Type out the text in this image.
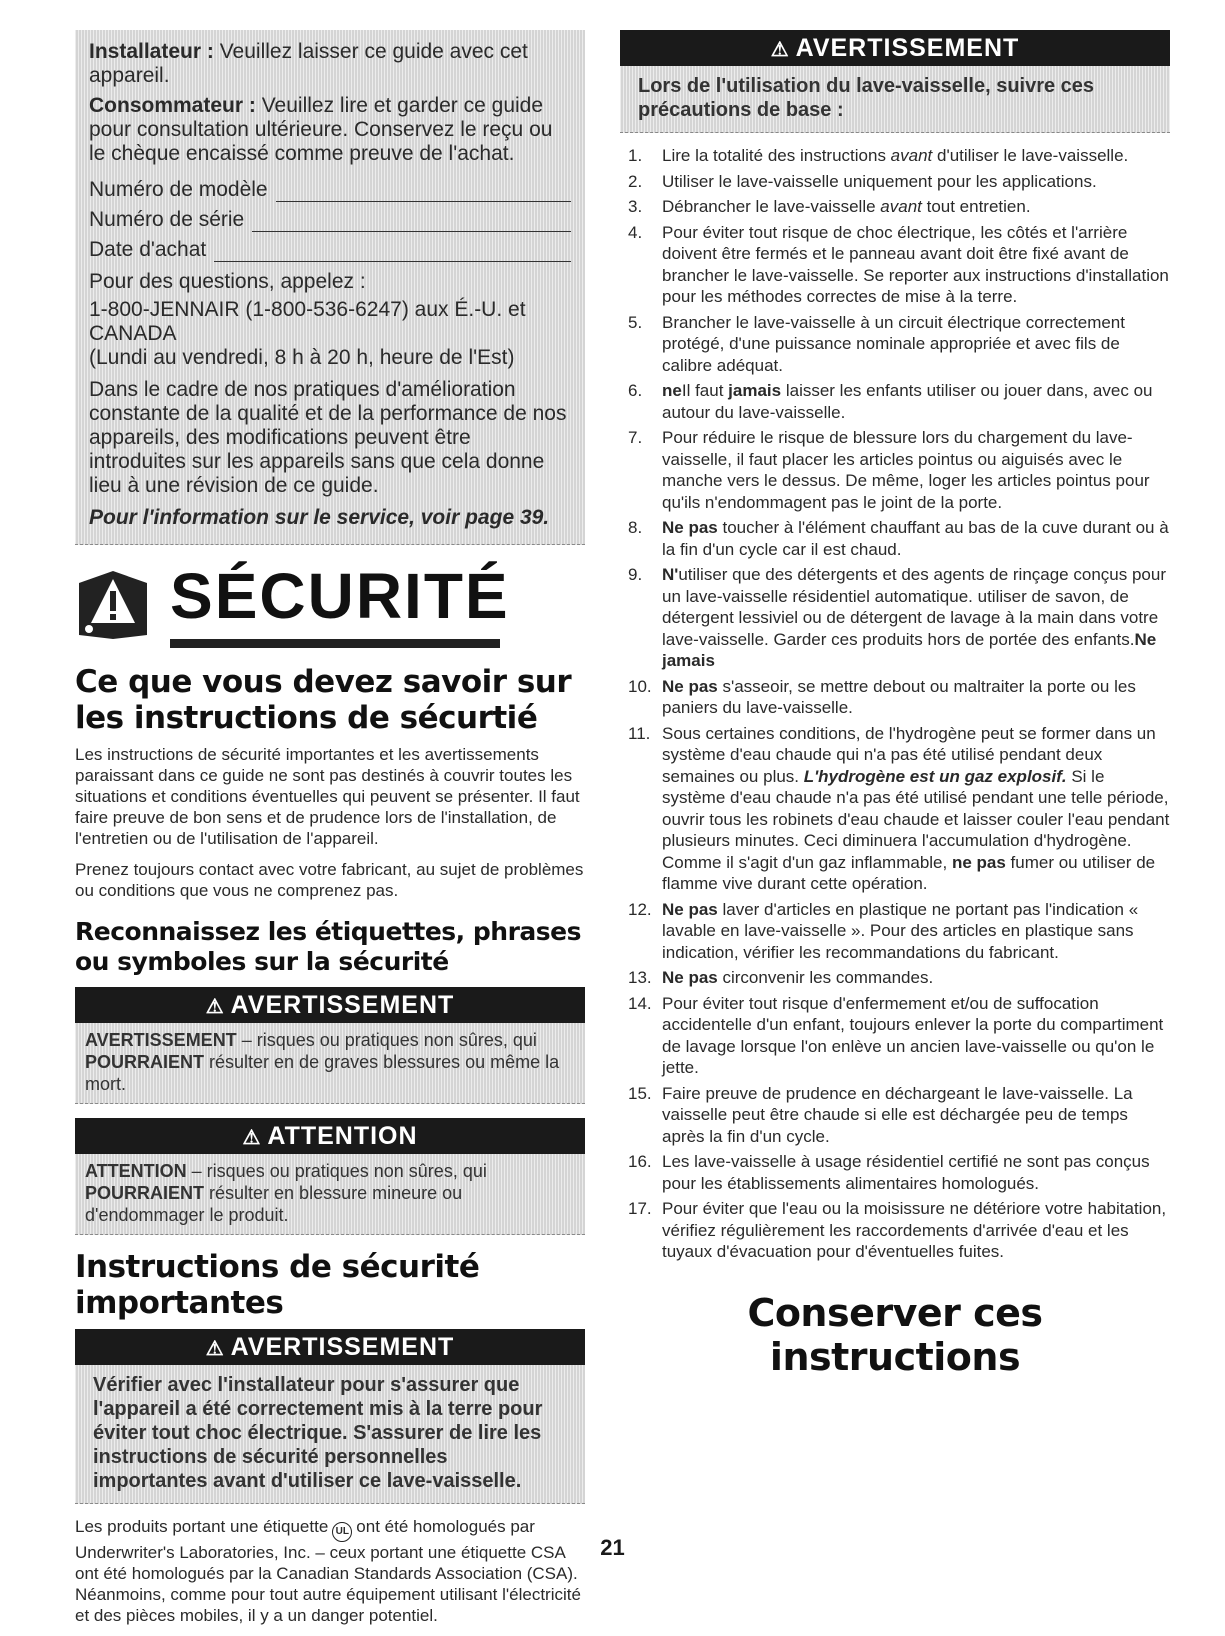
Installateur : Veuillez laisser ce guide avec cet appareil.
Consommateur : Veuillez lire et garder ce guide pour consultation ultérieure. Conservez le reçu ou le chèque encaissé comme preuve de l'achat.
Numéro de modèle
Numéro de série
Date d'achat

Pour des questions, appelez :

1-800-JENNAIR (1-800-536-6247) aux É.-U. et CANADA

(Lundi au vendredi, 8 h à 20 h, heure de l'Est)

Dans le cadre de nos pratiques d'amélioration constante de la qualité et de la performance de nos appareils, des modifications peuvent être introduites sur les appareils sans que cela donne lieu à une révision de ce guide.

Pour l'information sur le service, voir page 39.

SÉCURITÉ
Ce que vous devez savoir sur les instructions de sécurtié

Les instructions de sécurité importantes et les avertissements paraissant dans ce guide ne sont pas destinés à couvrir toutes les situations et conditions éventuelles qui peuvent se présenter. Il faut faire preuve de bon sens et de prudence lors de l'installation, de l'entretien ou de l'utilisation de l'appareil.

Prenez toujours contact avec votre fabricant, au sujet de problèmes ou conditions que vous ne comprenez pas.

Reconnaissez les étiquettes, phrases ou symboles sur la sécurité
⚠ AVERTISSEMENT
AVERTISSEMENT – risques ou pratiques non sûres, qui POURRAIENT résulter en de graves blessures ou même la mort.
⚠ ATTENTION
ATTENTION – risques ou pratiques non sûres, qui POURRAIENT résulter en blessure mineure ou d'endommager le produit.
Instructions de sécurité importantes
⚠ AVERTISSEMENT
Vérifier avec l'installateur pour s'assurer que l'appareil a été correctement mis à la terre pour éviter tout choc électrique. S'assurer de lire les instructions de sécurité personnelles importantes avant d'utiliser ce lave-vaisselle.

Les produits portant une étiquette UL ont été homologués par Underwriter's Laboratories, Inc. – ceux portant une étiquette CSA ont été homologués par la Canadian Standards Association (CSA). Néanmoins, comme pour tout autre équipement utilisant l'électricité et des pièces mobiles, il y a un danger potentiel.

⚠ AVERTISSEMENT
Lors de l'utilisation du lave-vaisselle, suivre ces précautions de base :
1. Lire la totalité des instructions avant d'utiliser le lave-vaisselle.
2. Utiliser le lave-vaisselle uniquement pour les applications.
3. Débrancher le lave-vaisselle avant tout entretien.
4. Pour éviter tout risque de choc électrique, les côtés et l'arrière doivent être fermés et le panneau avant doit être fixé avant de brancher le lave-vaisselle. Se reporter aux instructions d'installation pour les méthodes correctes de mise à la terre.
5. Brancher le lave-vaisselle à un circuit électrique correctement protégé, d'une puissance nominale appropriée et avec fils de calibre adéquat.
6. neIl faut jamais laisser les enfants utiliser ou jouer dans, avec ou autour du lave-vaisselle.
7. Pour réduire le risque de blessure lors du chargement du lave-vaisselle, il faut placer les articles pointus ou aiguisés avec le manche vers le dessus. De même, loger les articles pointus pour qu'ils n'endommagent pas le joint de la porte.
8. Ne pas toucher à l'élément chauffant au bas de la cuve durant ou à la fin d'un cycle car il est chaud.
9. N'utiliser que des détergents et des agents de rinçage conçus pour un lave-vaisselle résidentiel automatique. utiliser de savon, de détergent lessiviel ou de détergent de lavage à la main dans votre lave-vaisselle. Garder ces produits hors de portée des enfants.Ne jamais
10. Ne pas s'asseoir, se mettre debout ou maltraiter la porte ou les paniers du lave-vaisselle.
11. Sous certaines conditions, de l'hydrogène peut se former dans un système d'eau chaude qui n'a pas été utilisé pendant deux semaines ou plus. L'hydrogène est un gaz explosif. Si le système d'eau chaude n'a pas été utilisé pendant une telle période, ouvrir tous les robinets d'eau chaude et laisser couler l'eau pendant plusieurs minutes. Ceci diminuera l'accumulation d'hydrogène. Comme il s'agit d'un gaz inflammable, ne pas fumer ou utiliser de flamme vive durant cette opération.
12. Ne pas laver d'articles en plastique ne portant pas l'indication « lavable en lave-vaisselle ». Pour des articles en plastique sans indication, vérifier les recommandations du fabricant.
13. Ne pas circonvenir les commandes.
14. Pour éviter tout risque d'enfermement et/ou de suffocation accidentelle d'un enfant, toujours enlever la porte du compartiment de lavage lorsque l'on enlève un ancien lave-vaisselle ou qu'on le jette.
15. Faire preuve de prudence en déchargeant le lave-vaisselle. La vaisselle peut être chaude si elle est déchargée peu de temps après la fin d'un cycle.
16. Les lave-vaisselle à usage résidentiel certifié ne sont pas conçus pour les établissements alimentaires homologués.
17. Pour éviter que l'eau ou la moisissure ne détériore votre habitation, vérifiez régulièrement les raccordements d'arrivée d'eau et les tuyaux d'évacuation pour d'éventuelles fuites.
Conserver ces instructions
21
